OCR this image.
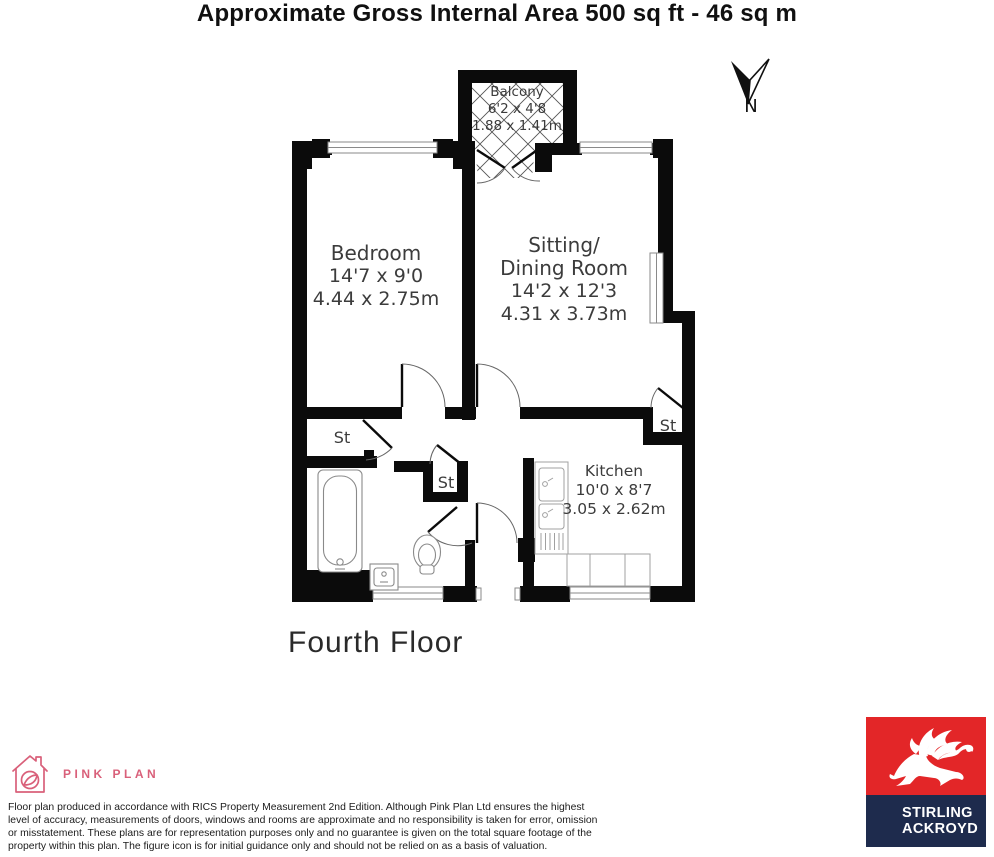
Approximate Gross Internal Area 500 sq ft - 46 sq m
Balcony
6'2 x 4'8
1.88 x 1.41m
Bedroom
14'7 x 9'0
4.44 x 2.75m
Sitting/
Dining Room
14'2 x 12'3
4.31 x 3.73m
Kitchen
10'0 x 8'7
3.05 x 2.62m
St
St
St
N
Fourth Floor
PINK PLAN
Floor plan produced in accordance with RICS Property Measurement 2nd Edition. Although Pink Plan Ltd ensures the highest
level of accuracy, measurements of doors, windows and rooms are approximate and no responsibility is taken for error, omission
or misstatement. These plans are for representation purposes only and no guarantee is given on the total square footage of the
property within this plan. The figure icon is for initial guidance only and should not be relied on as a basis of valuation.
STIRLING
ACKROYD
